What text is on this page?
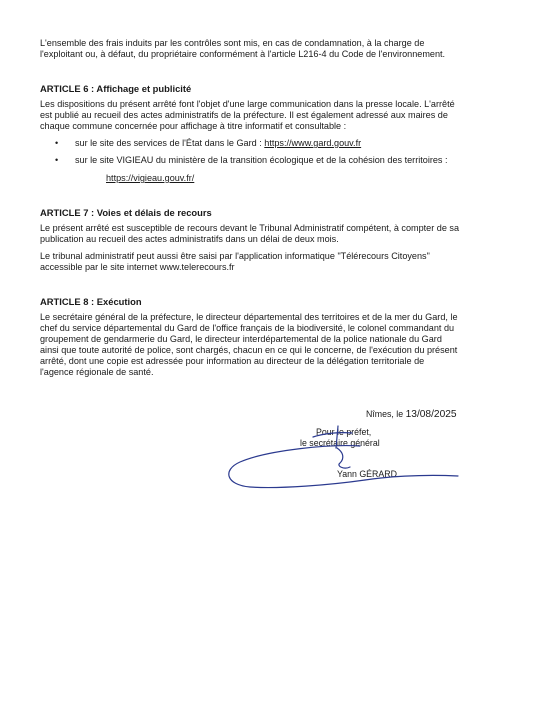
L'ensemble des frais induits par les contrôles sont mis, en cas de condamnation, à la charge de

l'exploitant ou, à défaut, du propriétaire conformément à l'article L216-4 du Code de l'environnement.

ARTICLE 6 : Affichage et publicité

Les dispositions du présent arrêté font l'objet d'une large communication dans la presse locale. L'arrêté

est publié au recueil des actes administratifs de la préfecture. Il est également adressé aux maires de

chaque commune concernée pour affichage à titre informatif et consultable :

• sur le site des services de l'État dans le Gard : https://www.gard.gouv.fr
• sur le site VIGIEAU du ministère de la transition écologique et de la cohésion des territoires :
https://vigieau.gouv.fr/
ARTICLE 7 : Voies et délais de recours

Le présent arrêté est susceptible de recours devant le Tribunal Administratif compétent, à compter de sa

publication au recueil des actes administratifs dans un délai de deux mois.

Le tribunal administratif peut aussi être saisi par l'application informatique "Télérecours Citoyens"

accessible par le site internet www.telerecours.fr

ARTICLE 8 : Exécution

Le secrétaire général de la préfecture, le directeur départemental des territoires et de la mer du Gard, le

chef du service départemental du Gard de l'office français de la biodiversité, le colonel commandant du

groupement de gendarmerie du Gard, le directeur interdépartemental de la police nationale du Gard

ainsi que toute autorité de police, sont chargés, chacun en ce qui le concerne, de l'exécution du présent

arrêté, dont une copie est adressée pour information au directeur de la délégation territoriale de

l'agence régionale de santé.

Nîmes, le 13/08/2025
Pour le préfet,
le secrétaire général
Yann GÉRARD
